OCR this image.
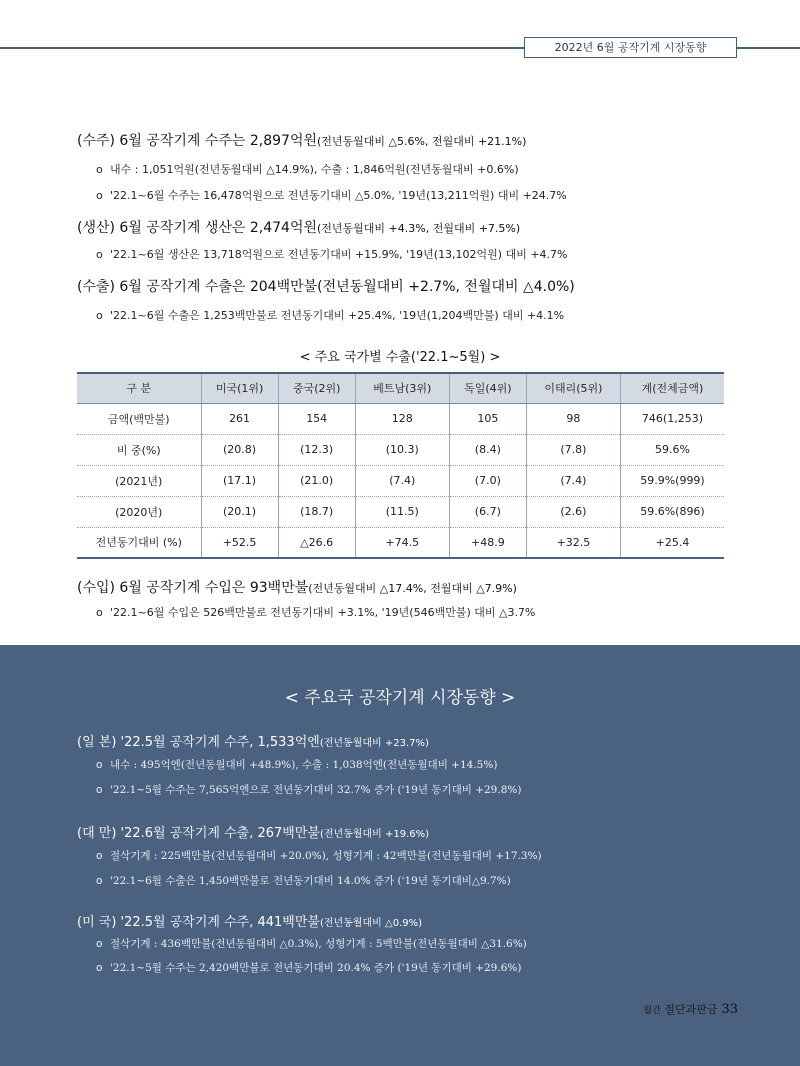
2022년 6월 공작기계 시장동향
(수주) 6월 공작기계 수주는 2,897억원(전년동월대비 △5.6%, 전월대비 +21.1%)
o 내수 : 1,051억원(전년동월대비 △14.9%), 수출 : 1,846억원(전년동월대비 +0.6%)
o '22.1~6월 수주는 16,478억원으로 전년동기대비 △5.0%, '19년(13,211억원) 대비 +24.7%
(생산) 6월 공작기계 생산은 2,474억원(전년동월대비 +4.3%, 전월대비 +7.5%)
o '22.1~6월 생산은 13,718억원으로 전년동기대비 +15.9%, '19년(13,102억원) 대비 +4.7%
(수출) 6월 공작기계 수출은 204백만불(전년동월대비 +2.7%, 전월대비 △4.0%)
o '22.1~6월 수출은 1,253백만불로 전년동기대비 +25.4%, '19년(1,204백만불) 대비 +4.1%
< 주요 국가별 수출('22.1~5월) >
구 분	미국(1위)	중국(2위)	베트남(3위)	독일(4위)	이태리(5위)	계(전체금액)
금액(백만불)	261	154	128	105	98	746(1,253)
비 중(%)	(20.8)	(12.3)	(10.3)	(8.4)	(7.8)	59.6%
(2021년)	(17.1)	(21.0)	(7.4)	(7.0)	(7.4)	59.9%(999)
(2020년)	(20.1)	(18.7)	(11.5)	(6.7)	(2.6)	59.6%(896)
전년동기대비 (%)	+52.5	△26.6	+74.5	+48.9	+32.5	+25.4
(수입) 6월 공작기계 수입은 93백만불(전년동월대비 △17.4%, 전월대비 △7.9%)
o '22.1~6월 수입은 526백만불로 전년동기대비 +3.1%, '19년(546백만불) 대비 △3.7%
< 주요국 공작기계 시장동향 >
(일 본) '22.5월 공작기계 수주, 1,533억엔(전년동월대비 +23.7%)
o 내수 : 495억엔(전년동월대비 +48.9%), 수출 : 1,038억엔(전년동월대비 +14.5%)
o '22.1~5월 수주는 7,565억엔으로 전년동기대비 32.7% 증가 ('19년 동기대비 +29.8%)
(대 만) '22.6월 공작기계 수출, 267백만불(전년동월대비 +19.6%)
o 절삭기계 : 225백만불(전년동월대비 +20.0%), 성형기계 : 42백만불(전년동월대비 +17.3%)
o '22.1~6월 수출은 1,450백만불로 전년동기대비 14.0% 증가 ('19년 동기대비△9.7%)
(미 국) '22.5월 공작기계 수주, 441백만불(전년동월대비 △0.9%)
o 절삭기계 : 436백만불(전년동월대비 △0.3%), 성형기계 : 5백만불(전년동월대비 △31.6%)
o '22.1~5월 수주는 2,420백만불로 전년동기대비 20.4% 증가 ('19년 동기대비 +29.6%)
월간 절단과판금 33
